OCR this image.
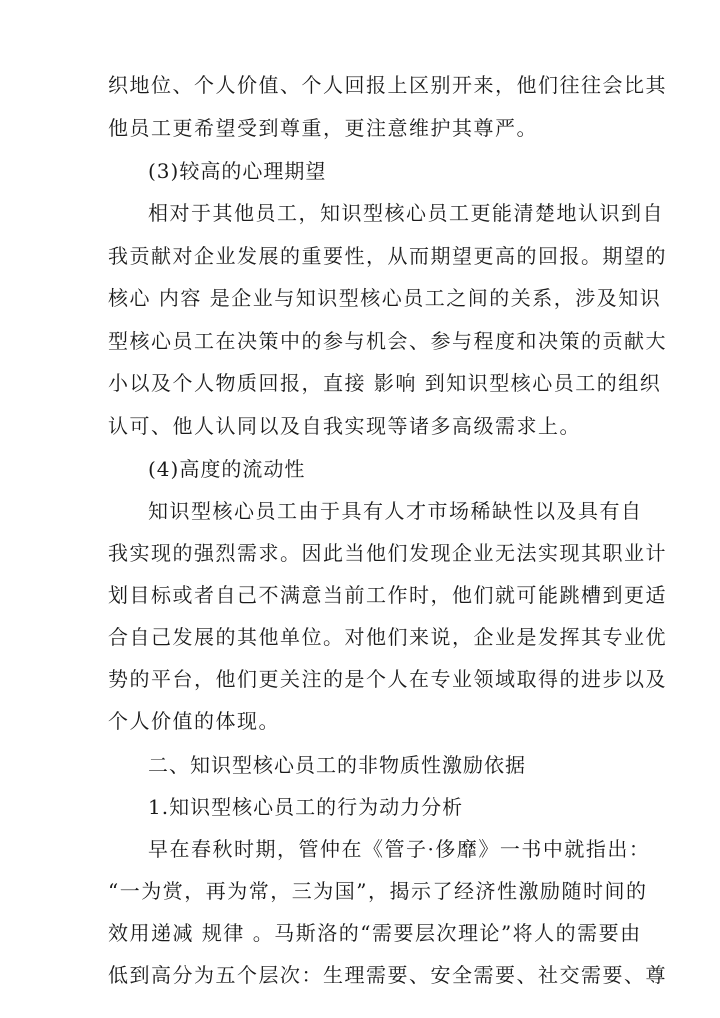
织地位、个人价值、个人回报上区别开来，他们往往会比其
他员工更希望受到尊重，更注意维护其尊严。
(3)较高的心理期望
相对于其他员工，知识型核心员工更能清楚地认识到自
我贡献对企业发展的重要性，从而期望更高的回报。期望的
核心 内容 是企业与知识型核心员工之间的关系，涉及知识
型核心员工在决策中的参与机会、参与程度和决策的贡献大
小以及个人物质回报，直接 影响 到知识型核心员工的组织
认可、他人认同以及自我实现等诸多高级需求上。
(4)高度的流动性
知识型核心员工由于具有人才市场稀缺性以及具有自
我实现的强烈需求。因此当他们发现企业无法实现其职业计
划目标或者自己不满意当前工作时，他们就可能跳槽到更适
合自己发展的其他单位。对他们来说，企业是发挥其专业优
势的平台，他们更关注的是个人在专业领域取得的进步以及
个人价值的体现。
二、知识型核心员工的非物质性激励依据
1.知识型核心员工的行为动力分析
早在春秋时期，管仲在《管子·侈靡》一书中就指出：
“一为赏，再为常，三为国”，揭示了经济性激励随时间的
效用递减 规律 。马斯洛的“需要层次理论”将人的需要由
低到高分为五个层次：生理需要、安全需要、社交需要、尊
